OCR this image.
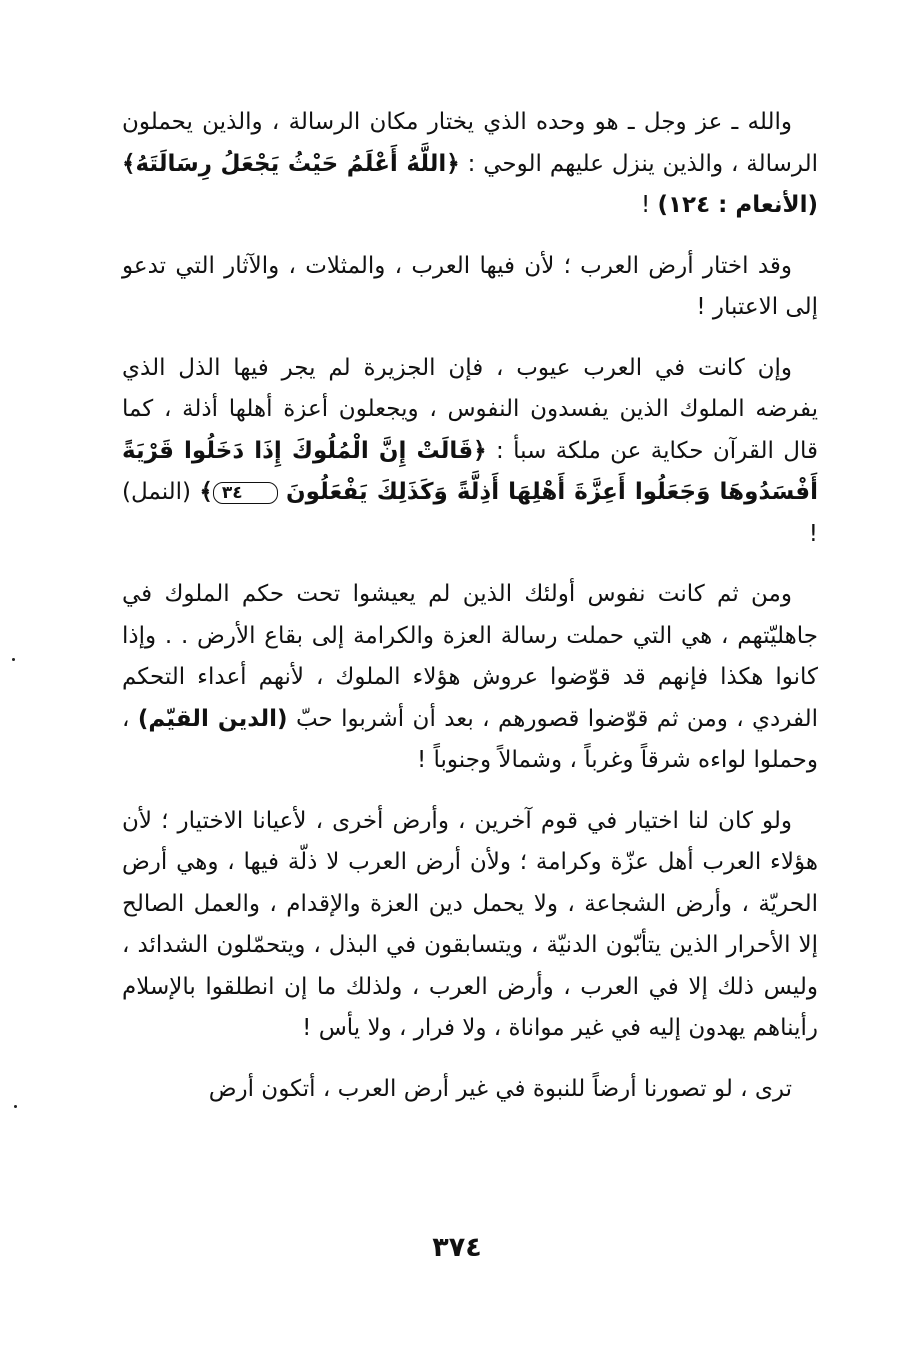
والله ـ عز وجل ـ هو وحده الذي يختار مكان الرسالة ، والذين يحملون الرسالة ، والذين ينزل عليهم الوحي : ﴿اللَّهُ أَعْلَمُ حَيْثُ يَجْعَلُ رِسَالَتَهُ﴾ (الأنعام : ١٢٤) !

وقد اختار أرض العرب ؛ لأن فيها العرب ، والمثلات ، والآثار التي تدعو إلى الاعتبار !

وإن كانت في العرب عيوب ، فإن الجزيرة لم يجر فيها الذل الذي يفرضه الملوك الذين يفسدون النفوس ، ويجعلون أعزة أهلها أذلة ، كما قال القرآن حكاية عن ملكة سبأ : ﴿قَالَتْ إِنَّ الْمُلُوكَ إِذَا دَخَلُوا قَرْيَةً أَفْسَدُوهَا وَجَعَلُوا أَعِزَّةَ أَهْلِهَا أَذِلَّةً وَكَذَلِكَ يَفْعَلُونَ ٣٤﴾ (النمل) !

ومن ثم كانت نفوس أولئك الذين لم يعيشوا تحت حكم الملوك في جاهليّتهم ، هي التي حملت رسالة العزة والكرامة إلى بقاع الأرض . . وإذا كانوا هكذا فإنهم قد قوّضوا عروش هؤلاء الملوك ، لأنهم أعداء التحكم الفردي ، ومن ثم قوّضوا قصورهم ، بعد أن أشربوا حبّ (الدين القيّم) ، وحملوا لواءه شرقاً وغرباً ، وشمالاً وجنوباً !

ولو كان لنا اختيار في قوم آخرين ، وأرض أخرى ، لأعيانا الاختيار ؛ لأن هؤلاء العرب أهل عزّة وكرامة ؛ ولأن أرض العرب لا ذلّة فيها ، وهي أرض الحريّة ، وأرض الشجاعة ، ولا يحمل دين العزة والإقدام ، والعمل الصالح إلا الأحرار الذين يتأبّون الدنيّة ، ويتسابقون في البذل ، ويتحمّلون الشدائد ، وليس ذلك إلا في العرب ، وأرض العرب ، ولذلك ما إن انطلقوا بالإسلام رأيناهم يهدون إليه في غير مواناة ، ولا فرار ، ولا يأس !

ترى ، لو تصورنا أرضاً للنبوة في غير أرض العرب ، أتكون أرض

٣٧٤
